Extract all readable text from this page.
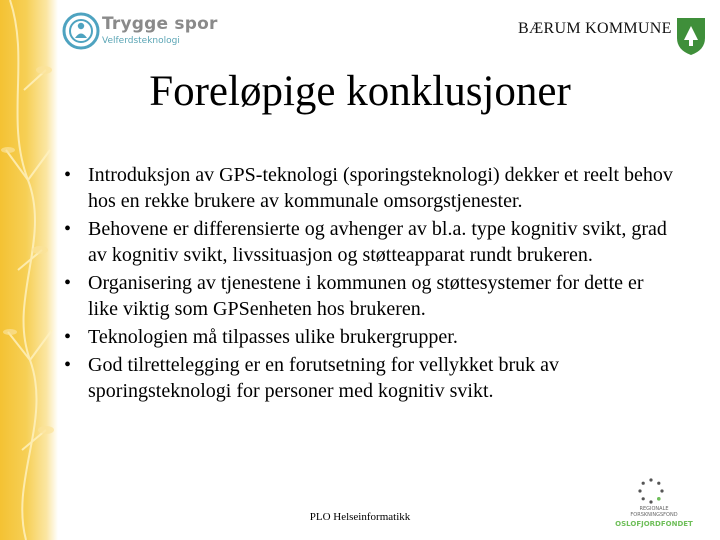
Trygge spor
Velferdsteknologi
BÆRUM KOMMUNE
Foreløpige konklusjoner
• Introduksjon av GPS-teknologi (sporingsteknologi) dekker et reelt behov hos en rekke brukere av kommunale omsorgstjenester.
• Behovene er differensierte og avhenger av bl.a. type kognitiv svikt, grad av kognitiv svikt, livssituasjon og støtteapparat rundt brukeren.
• Organisering av tjenestene i kommunen og støttesystemer for dette er like viktig som GPSenheten hos brukeren.
• Teknologien må tilpasses ulike brukergrupper.
• God tilrettelegging er en forutsetning for vellykket bruk av sporingsteknologi for personer med kognitiv svikt.
PLO Helseinformatikk
REGIONALE
FORSKNINGSFOND
OSLOFJORDFONDET
